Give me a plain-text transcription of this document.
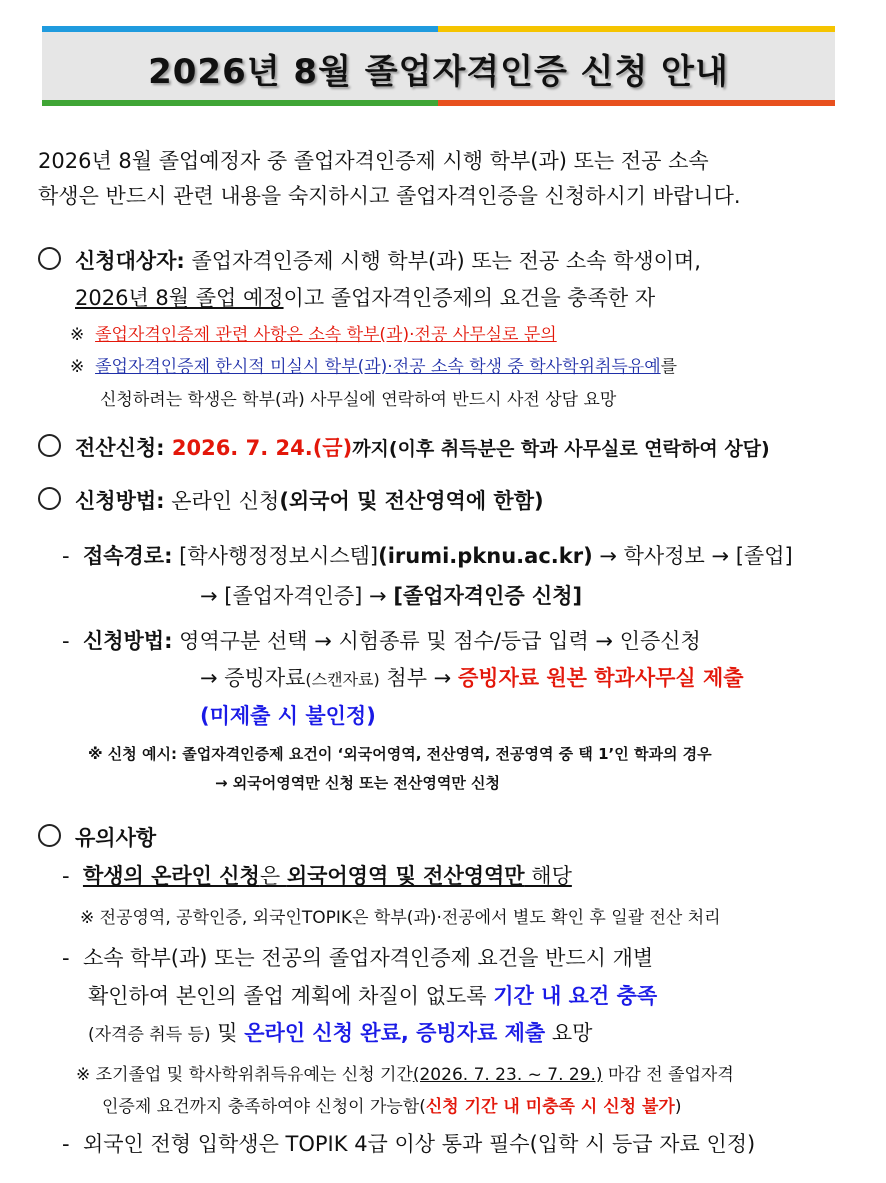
2026년 8월 졸업자격인증 신청 안내
2026년 8월 졸업예정자 중 졸업자격인증제 시행 학부(과) 또는 전공 소속
학생은 반드시 관련 내용을 숙지하시고 졸업자격인증을 신청하시기 바랍니다.
신청대상자: 졸업자격인증제 시행 학부(과) 또는 전공 소속 학생이며,
2026년 8월 졸업 예정이고 졸업자격인증제의 요건을 충족한 자
※ 졸업자격인증제 관련 사항은 소속 학부(과)·전공 사무실로 문의
※ 졸업자격인증제 한시적 미실시 학부(과)·전공 소속 학생 중 학사학위취득유예를
신청하려는 학생은 학부(과) 사무실에 연락하여 반드시 사전 상담 요망
전산신청: 2026. 7. 24.(금)까지(이후 취득분은 학과 사무실로 연락하여 상담)
신청방법: 온라인 신청(외국어 및 전산영역에 한함)
- 접속경로: [학사행정정보시스템](irumi.pknu.ac.kr) → 학사정보 → [졸업]
→ [졸업자격인증] → [졸업자격인증 신청]
- 신청방법: 영역구분 선택 → 시험종류 및 점수/등급 입력 → 인증신청
→ 증빙자료(스캔자료) 첨부 → 증빙자료 원본 학과사무실 제출
(미제출 시 불인정)
※ 신청 예시: 졸업자격인증제 요건이 ‘외국어영역, 전산영역, 전공영역 중 택 1’인 학과의 경우
→ 외국어영역만 신청 또는 전산영역만 신청
유의사항
- 학생의 온라인 신청은 외국어영역 및 전산영역만 해당
※ 전공영역, 공학인증, 외국인TOPIK은 학부(과)·전공에서 별도 확인 후 일괄 전산 처리
- 소속 학부(과) 또는 전공의 졸업자격인증제 요건을 반드시 개별
확인하여 본인의 졸업 계획에 차질이 없도록 기간 내 요건 충족
(자격증 취득 등) 및 온라인 신청 완료, 증빙자료 제출 요망
※ 조기졸업 및 학사학위취득유예는 신청 기간(2026. 7. 23. ~ 7. 29.) 마감 전 졸업자격
인증제 요건까지 충족하여야 신청이 가능함(신청 기간 내 미충족 시 신청 불가)
- 외국인 전형 입학생은 TOPIK 4급 이상 통과 필수(입학 시 등급 자료 인정)
